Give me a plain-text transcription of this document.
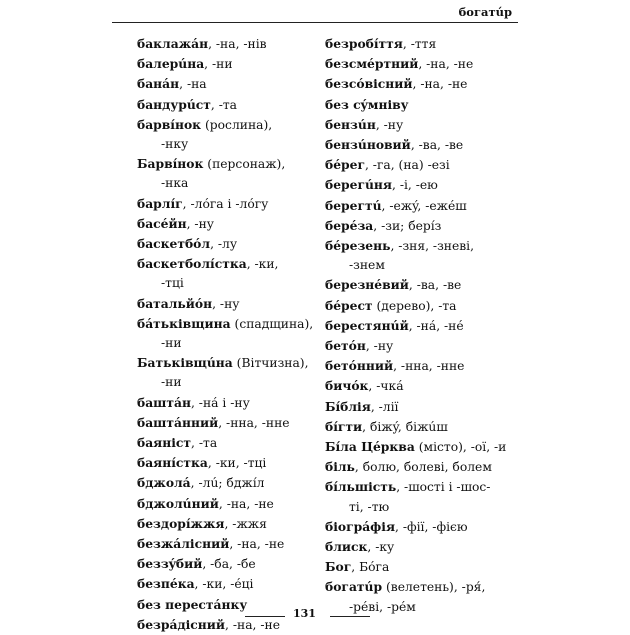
богатúр
баклажáн, -на, -нів
балерúна, -ни
банáн, -на
бандурúст, -та
барвíнок (рослина),
-нку
Барвíнок (персонаж),
-нка
барлíг, -лóга і -лóгу
басéйн, -ну
баскетбóл, -лу
баскетболíстка, -ки,
-тці
батальйóн, -ну
бáтьківщина (спадщина),
-ни
Батьківщúна (Вітчизна),
-ни
баштáн, -нá і -ну
баштáнний, -нна, -нне
баяніст, -та
баянíстка, -ки, -тці
бджолá, -лú; бджíл
бджолúний, -на, -не
бездорíжжя, -жжя
безжáлісний, -на, -не
беззýбий, -ба, -бе
безпéка, -ки, -éці
без перестáнку
безрáдісний, -на, -не
безробíття, -ття
безсмéртний, -на, -не
безсóвісний, -на, -не
без сýмніву
бензúн, -ну
бензúновий, -ва, -ве
бéрег, -га, (на) -езі
берегúня, -і, -ею
берегтú, -ежý, -ежéш
берéза, -зи; берíз
бéрезень, -зня, -зневі,
-знем
березнéвий, -ва, -ве
бéрест (дерево), -та
берестянúй, -нá, -нé
бетóн, -ну
бетóнний, -нна, -нне
бичóк, -чкá
Бíблія, -лії
бíгти, біжý, біжúш
Бíла Цéрква (місто), -ої, -и
біль, болю, болеві, болем
бíльшість, -шості і -шос-
ті, -тю
біогрáфія, -фії, -фією
блиск, -ку
Бог, Бóга
богатúр (велетень), -ря́,
-рéві, -рéм
131
